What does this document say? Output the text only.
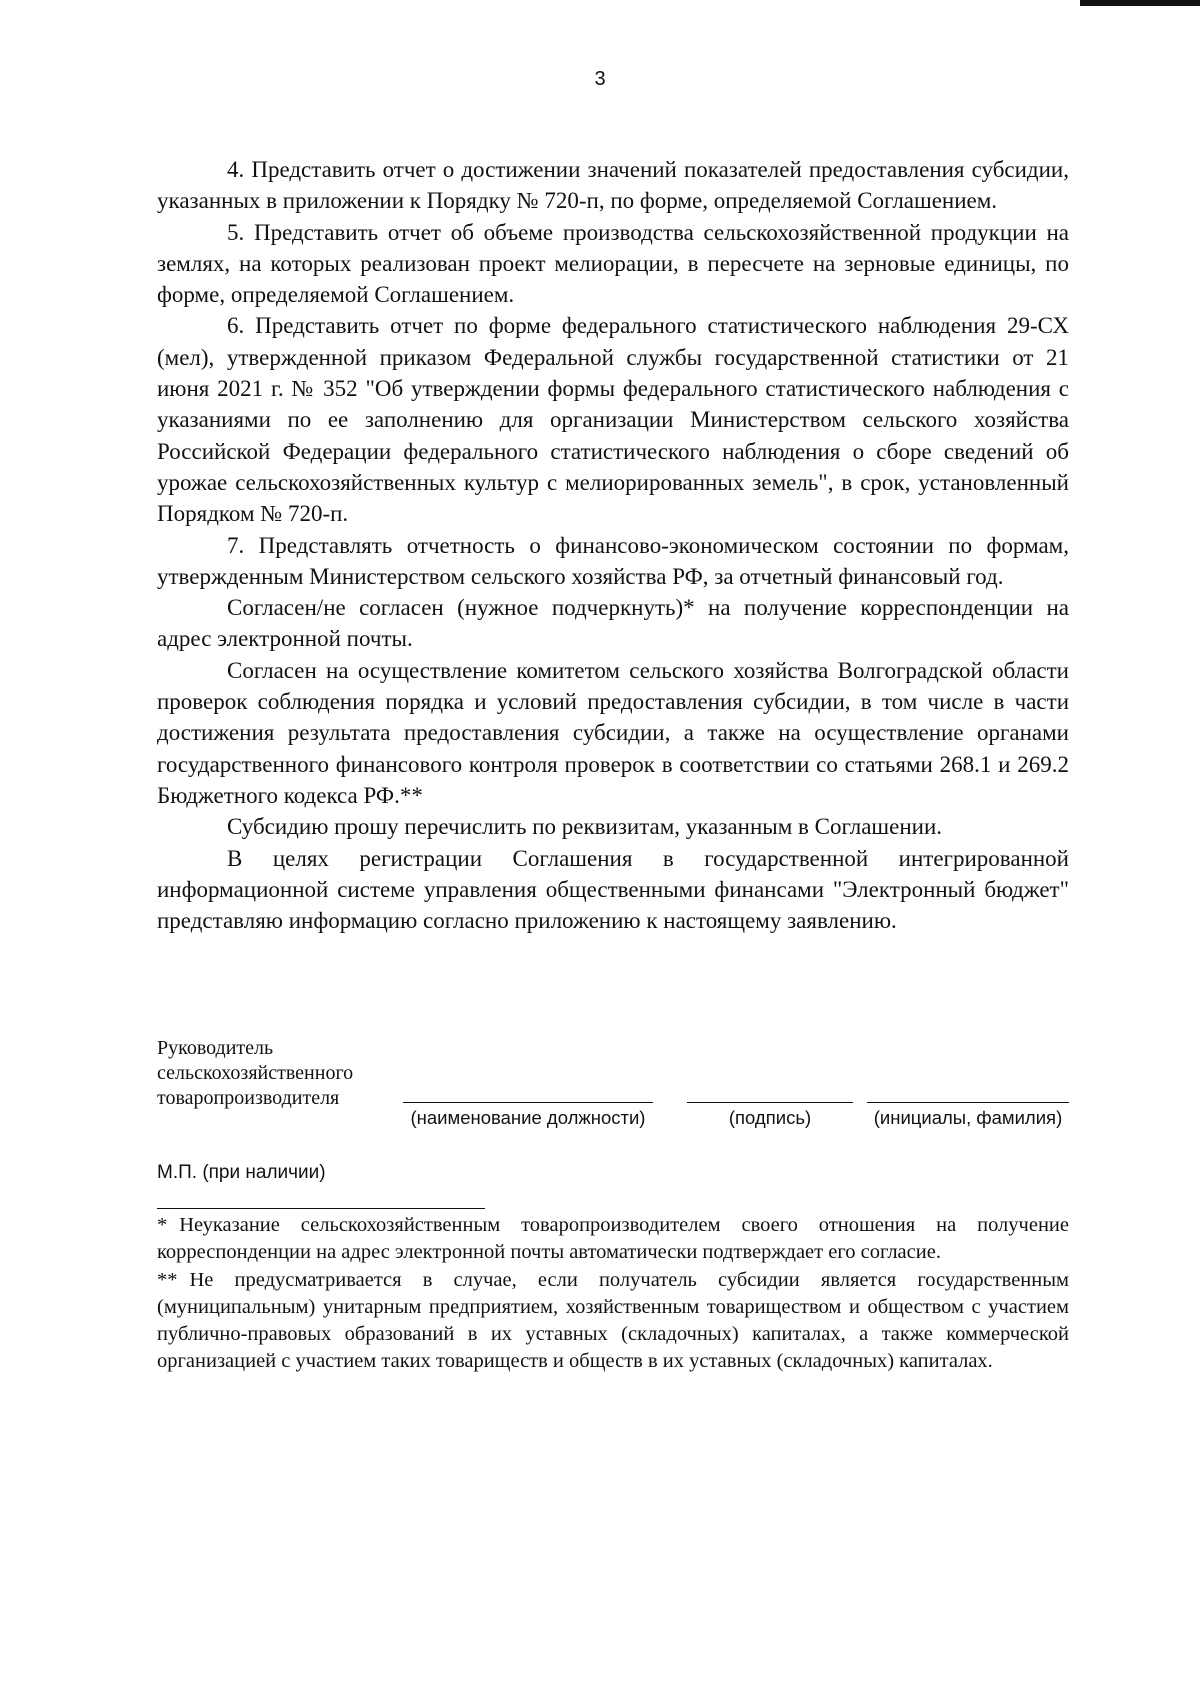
3

4. Представить отчет о достижении значений показателей предоставления субсидии, указанных в приложении к Порядку № 720-п, по форме, определяемой Соглашением.

5. Представить отчет об объеме производства сельскохозяйственной продукции на землях, на которых реализован проект мелиорации, в пересчете на зерновые единицы, по форме, определяемой Соглашением.

6. Представить отчет по форме федерального статистического наблюдения 29-СХ (мел), утвержденной приказом Федеральной службы государственной статистики от 21 июня 2021 г. № 352 "Об утверждении формы федерального статистического наблюдения с указаниями по ее заполнению для организации Министерством сельского хозяйства Российской Федерации федерального статистического наблюдения о сборе сведений об урожае сельскохозяйственных культур с мелиорированных земель", в срок, установленный Порядком № 720-п.

7. Представлять отчетность о финансово-экономическом состоянии по формам, утвержденным Министерством сельского хозяйства РФ, за отчетный финансовый год.

Согласен/не согласен (нужное подчеркнуть)* на получение корреспонденции на адрес электронной почты.

Согласен на осуществление комитетом сельского хозяйства Волгоградской области проверок соблюдения порядка и условий предоставления субсидии, в том числе в части достижения результата предоставления субсидии, а также на осуществление органами государственного финансового контроля проверок в соответствии со статьями 268.1 и 269.2 Бюджетного кодекса РФ.**

Субсидию прошу перечислить по реквизитам, указанным в Соглашении.

В целях регистрации Соглашения в государственной интегрированной информационной системе управления общественными финансами "Электронный бюджет" представляю информацию согласно приложению к настоящему заявлению.

Руководитель
сельскохозяйственного
товаропроизводителя
(наименование должности)	(подпись)	(инициалы, фамилия)
М.П. (при наличии)

* Неуказание сельскохозяйственным товаропроизводителем своего отношения на получение корреспонденции на адрес электронной почты автоматически подтверждает его согласие.

** Не предусматривается в случае, если получатель субсидии является государственным (муниципальным) унитарным предприятием, хозяйственным товариществом и обществом с участием публично-правовых образований в их уставных (складочных) капиталах, а также коммерческой организацией с участием таких товариществ и обществ в их уставных (складочных) капиталах.
